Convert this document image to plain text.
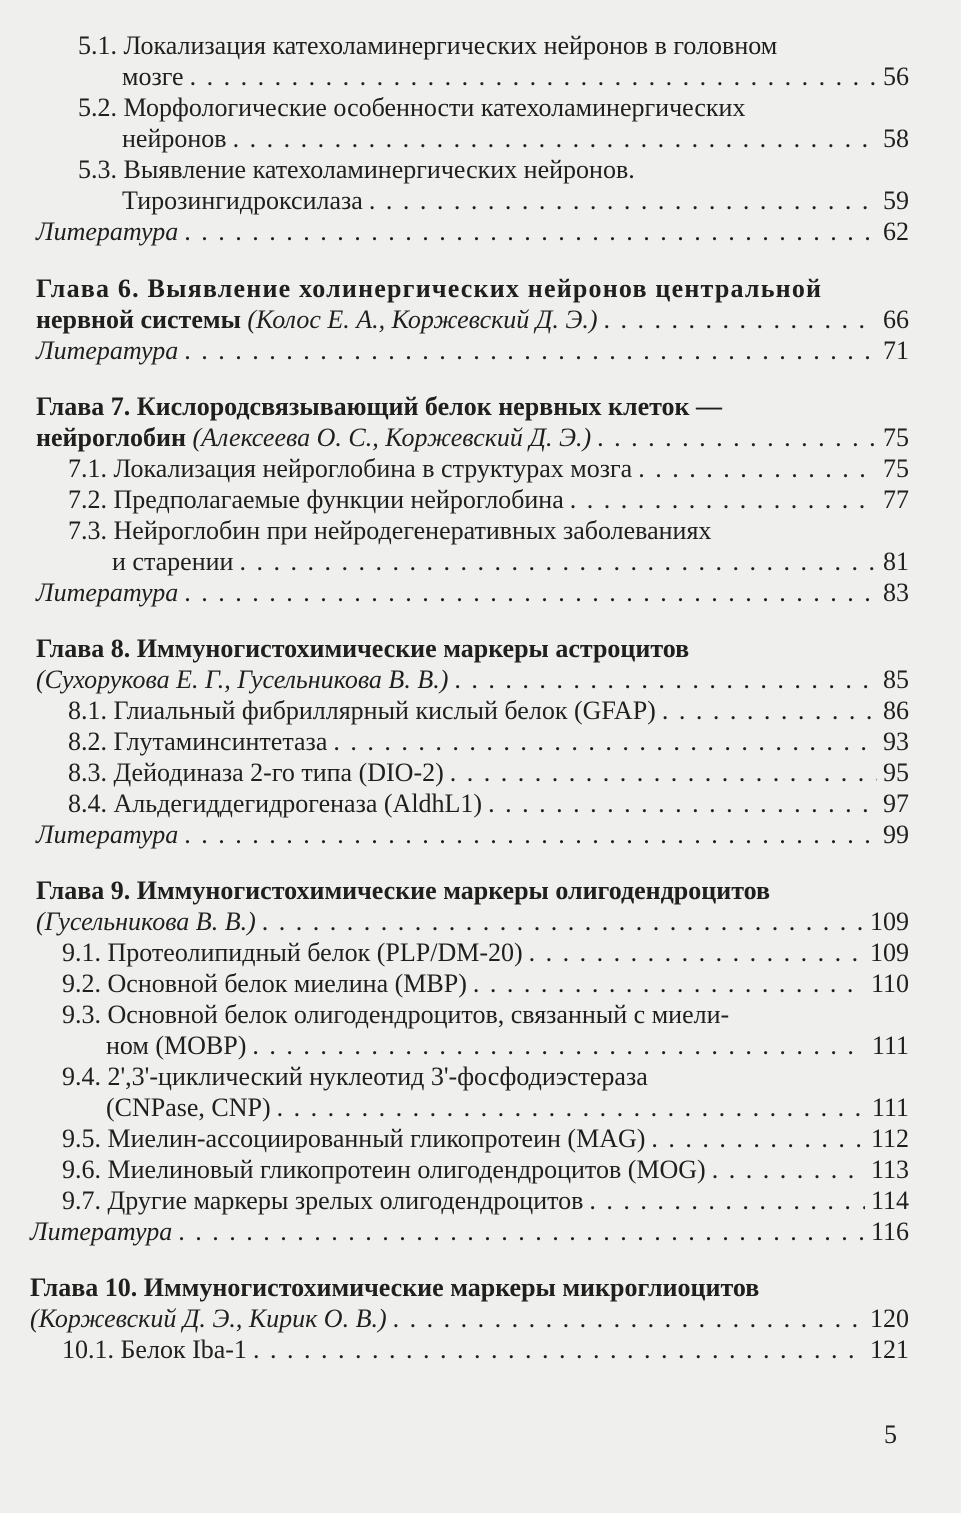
5.1. Локализация катехоламинергических нейронов в головном
мозге . . .	56
5.2. Морфологические особенности катехоламинергических
нейронов . . .	58
5.3. Выявление катехоламинергических нейронов.
Тирозингидроксилаза . . .	59
Литература . . .	62
Глава 6. Выявление холинергических нейронов центральной
нервной системы (Колос Е. А., Коржевский Д. Э.) . . .	66
Литература . . .	71
Глава 7. Кислородсвязывающий белок нервных клеток —
нейроглобин (Алексеева О. С., Коржевский Д. Э.) . . .	75
7.1. Локализация нейроглобина в структурах мозга . . .	75
7.2. Предполагаемые функции нейроглобина . . .	77
7.3. Нейроглобин при нейродегенеративных заболеваниях
и старении . . .	81
Литература . . .	83
Глава 8. Иммуногистохимические маркеры астроцитов
(Сухорукова Е. Г., Гусельникова В. В.) . . .	85
8.1. Глиальный фибриллярный кислый белок (GFAP) . . .	86
8.2. Глутаминсинтетаза . . .	93
8.3. Дейодиназа 2-го типа (DIO-2) . . .	95
8.4. Альдегиддегидрогеназа (AldhL1) . . .	97
Литература . . .	99
Глава 9. Иммуногистохимические маркеры олигодендроцитов
(Гусельникова В. В.) . . .	109
9.1. Протеолипидный белок (PLP/DM-20) . . .	109
9.2. Основной белок миелина (MBP) . . .	110
9.3. Основной белок олигодендроцитов, связанный с миели-
ном (MOBP) . . .	111
9.4. 2',3'-циклический нуклеотид 3'-фосфодиэстераза
(CNPase, CNP) . . .	111
9.5. Миелин-ассоциированный гликопротеин (MAG) . . .	112
9.6. Миелиновый гликопротеин олигодендроцитов (MOG) . . .	113
9.7. Другие маркеры зрелых олигодендроцитов . . .	114
Литература . . .	116
Глава 10. Иммуногистохимические маркеры микроглиоцитов
(Коржевский Д. Э., Кирик О. В.) . . .	120
10.1. Белок Iba-1 . . .	121
5
